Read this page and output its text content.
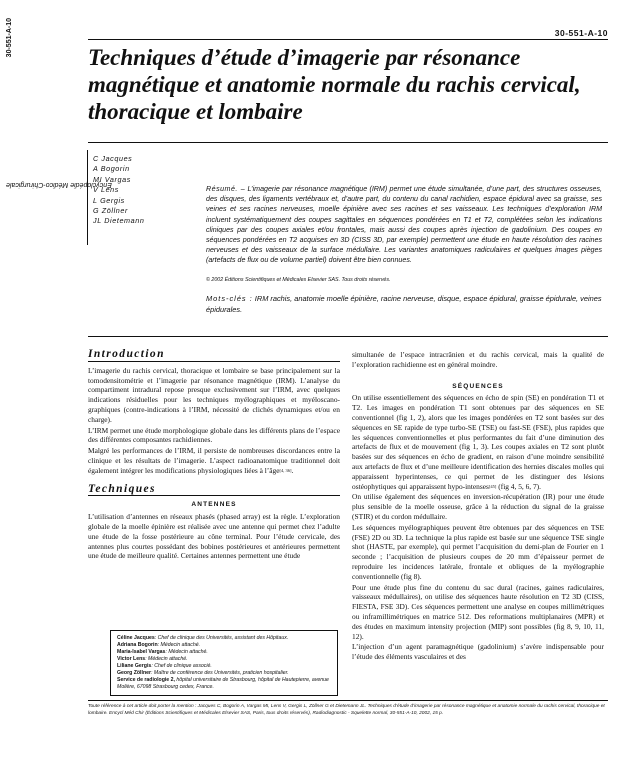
Encyclopédie Médico-Chirurgicale
30-551-A-10	30-551-A-10
Techniques d’étude d’imagerie par résonance magnétique et anatomie normale du rachis cervical, thoracique et lombaire
C Jacques
A Bogorin
MI Vargas
V Lens
L Gergis
G Zöllner
JL Dietemann
Résumé. – L’imagerie par résonance magnétique (IRM) permet une étude simultanée, d’une part, des structures osseuses, des disques, des ligaments vertébraux et, d’autre part, du contenu du canal rachidien, espace épidural avec sa graisse, ses veines et ses racines nerveuses, moelle épinière avec ses racines et ses vaisseaux. Les techniques d’exploration IRM incluent systématiquement des coupes sagittales en séquences pondérées en T1 et T2, complétées selon les indications cliniques par des coupes axiales et/ou frontales, mais aussi des coupes après injection de gadolinium. Des coupes en séquences pondérées en T2 acquises en 3D (CISS 3D, par exemple) permettent une étude en haute résolution des racines nerveuses et des vaisseaux de la surface médullaire. Les variantes anatomiques radiculaires et quelques images pièges (artefacts de flux ou de volume partiel) doivent être bien connues.
© 2002 Éditions Scientifiques et Médicales Elsevier SAS. Tous droits réservés.
Mots-clés : IRM rachis, anatomie moelle épinière, racine nerveuse, disque, espace épidural, graisse épidurale, veines épidurales.
Introduction

L’imagerie du rachis cervical, thoracique et lombaire se base principalement sur la tomodensitométrie et l’imagerie par résonance magnétique (IRM). L’analyse du compartiment intradural repose presque exclusivement sur l’IRM, avec quelques indications résiduelles pour les techniques myélographiques et myéloscano-graphiques (contre-indications à l’IRM, nécessité de clichés dynamiques et/ou en charge).

L’IRM permet une étude morphologique globale dans les différents plans de l’espace des différentes composantes rachidiennes.

Malgré les performances de l’IRM, il persiste de nombreuses discordances entre la clinique et les résultats de l’imagerie. L’aspect radioanatomique traditionnel doit également intégrer les modifications physiologiques liées à l’âge[4, 36].

Techniques
ANTENNES

L’utilisation d’antennes en réseaux phasés (phased array) est la règle. L’exploration globale de la moelle épinière est réalisée avec une antenne qui permet chez l’adulte une étude de la fosse postérieure au cône terminal. Pour l’étude cervicale, des antennes plus courtes possédant des bobines postérieures et antérieures permettent une étude de meilleure qualité. Certaines antennes permettent une étude

Céline Jacques: Chef de clinique des Universités, assistant des Hôpitaux.
Adriana Bogorin: Médecin attaché.
Maria-Isabel Vargas: Médecin attaché.
Victor Lens: Médecin attaché.
Liliane Gergis: Chef de clinique associé.
Georg Zöllner: Maître de conférence des Universités, praticien hospitalier.
Service de radiologie 2, hôpital universitaire de Strasbourg, hôpital de Hautepierre, avenue Molière, 67098 Strasbourg cedex, France.

simultanée de l’espace intracrânien et du rachis cervical, mais la qualité de l’exploration rachidienne est en général moindre.

SÉQUENCES

On utilise essentiellement des séquences en écho de spin (SE) en pondération T1 et T2. Les images en pondération T1 sont obtenues par des séquences en SE conventionnel (fig 1, 2), alors que les images pondérées en T2 sont basées sur des séquences en SE rapide de type turbo-SE (TSE) ou fast-SE (FSE), plus rapides que les séquences conventionnelles et plus performantes du fait d’une diminution des artefacts de flux et de mouvement (fig 1, 3). Les coupes axiales en T2 sont plutôt basées sur des séquences en écho de gradient, en raison d’une moindre sensibilité aux artefacts de flux et d’une meilleure identification des hernies discales molles qui apparaissent hyperintenses, ce qui permet de les distinguer des lésions ostéophytiques qui apparaissent hypo-intenses[45] (fig 4, 5, 6, 7).

On utilise également des séquences en inversion-récupération (IR) pour une étude plus sensible de la moelle osseuse, grâce à la réduction du signal de la graisse (STIR) et du cordon médullaire.

Les séquences myélographiques peuvent être obtenues par des séquences en TSE (FSE) 2D ou 3D. La technique la plus rapide est basée sur une séquence TSE single shot (HASTE, par exemple), qui permet l’acquisition du demi-plan de Fourier en 1 seconde ; l’acquisition de plusieurs coupes de 20 mm d’épaisseur permet de reproduire les incidences latérale, frontale et obliques de la myélographie conventionnelle (fig 8).

Pour une étude plus fine du contenu du sac dural (racines, gaines radiculaires, vaisseaux médullaires), on utilise des séquences haute résolution en T2 3D (CISS, FIESTA, FSE 3D). Ces séquences permettent une analyse en coupes millimétriques ou inframillimétriques en matrice 512. Des reformations multiplanaires (MPR) et des études en maximum intensity projection (MIP) sont possibles (fig 8, 9, 10, 11, 12).

L’injection d’un agent paramagnétique (gadolinium) s’avère indispensable pour l’étude des éléments vasculaires et des

Toute référence à cet article doit porter la mention : Jacques C, Bogorin A, Vargas MI, Lens V, Gergis L, Zöllner G et Dietemann JL. Techniques d’étude d’imagerie par résonance magnétique et anatomie normale du rachis cervical, thoracique et lombaire. Encycl Méd Chir (Éditions Scientifiques et Médicales Elsevier SAS, Paris, tous droits réservés), Radiodiagnostic - Squelette normal, 30-551-A-10, 2002, 15 p.
